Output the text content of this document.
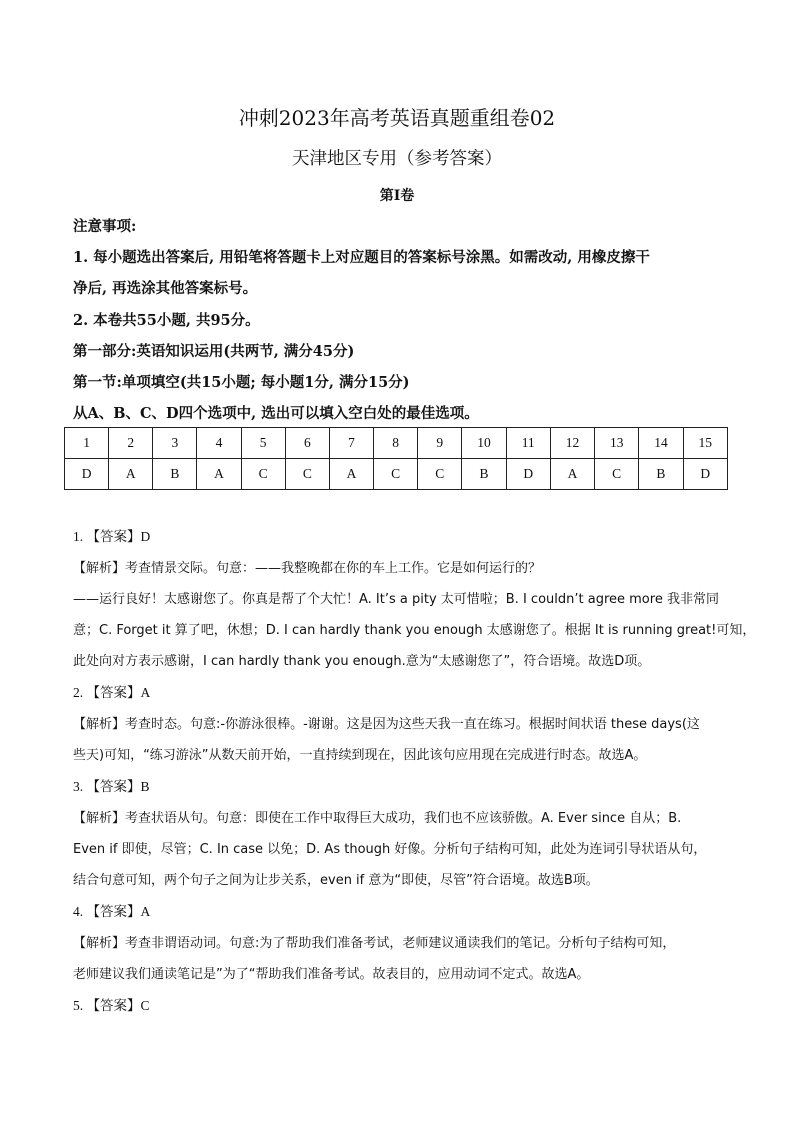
冲刺2023年高考英语真题重组卷02
天津地区专用（参考答案）
第I卷
注意事项:
1. 每小题选出答案后, 用铅笔将答题卡上对应题目的答案标号涂黑。如需改动, 用橡皮擦干
净后, 再选涂其他答案标号。
2. 本卷共55小题, 共95分。
第一部分:英语知识运用(共两节, 满分45分)
第一节:单项填空(共15小题; 每小题1分, 满分15分)
从A、B、C、D四个选项中, 选出可以填入空白处的最佳选项。
1	2	3	4	5	6	7	8	9	10	11	12	13	14	15
D	A	B	A	C	C	A	C	C	B	D	A	C	B	D
1. 【答案】D
【解析】考查情景交际。句意：——我整晚都在你的车上工作。它是如何运行的？
——运行良好！太感谢您了。你真是帮了个大忙！A. It’s a pity 太可惜啦；B. I couldn’t agree more 我非常同
意；C. Forget it 算了吧，休想；D. I can hardly thank you enough 太感谢您了。根据 It is running great!可知，
此处向对方表示感谢，I can hardly thank you enough.意为“太感谢您了”，符合语境。故选D项。
2. 【答案】A
【解析】考查时态。句意:-你游泳很棒。-谢谢。这是因为这些天我一直在练习。根据时间状语 these days(这
些天)可知，“练习游泳”从数天前开始，一直持续到现在，因此该句应用现在完成进行时态。故选A。
3. 【答案】B
【解析】考查状语从句。句意：即使在工作中取得巨大成功，我们也不应该骄傲。A. Ever since 自从；B.
Even if 即使，尽管；C. In case 以免；D. As though 好像。分析句子结构可知，此处为连词引导状语从句，
结合句意可知，两个句子之间为让步关系，even if 意为“即使，尽管”符合语境。故选B项。
4. 【答案】A
【解析】考查非谓语动词。句意:为了帮助我们准备考试，老师建议通读我们的笔记。分析句子结构可知，
老师建议我们通读笔记是”为了“帮助我们准备考试。故表目的，应用动词不定式。故选A。
5. 【答案】C
